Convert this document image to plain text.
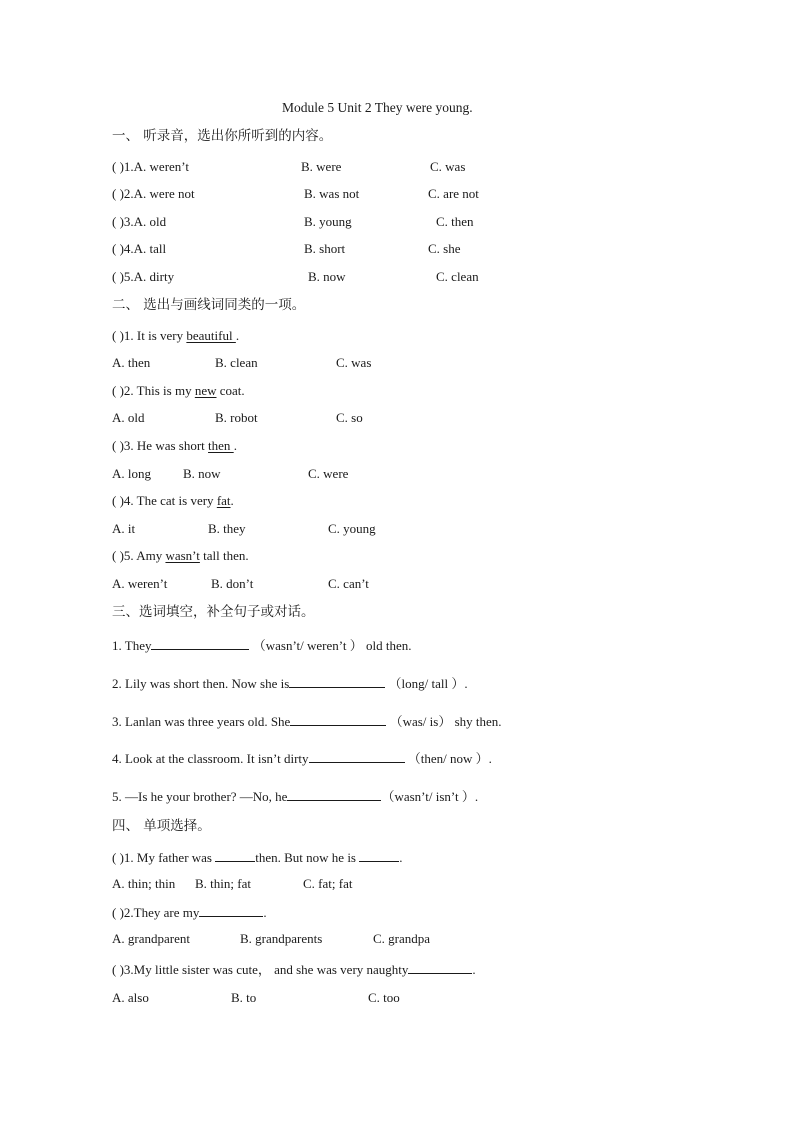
Module 5 Unit 2 They were young.
一、 听录音，选出你所听到的内容。
( )1.A. weren’t	B. were	C. was
( )2.A. were not	B. was not	C. are not
( )3.A. old	B. young	C. then
( )4.A. tall	B. short	C. she
( )5.A. dirty	B. now	C. clean
二、 选出与画线词同类的一项。
( )1. It is very beautiful .
A. then	B. clean	C. was
( )2. This is my new coat.
A. old	B. robot	C. so
( )3. He was short then .
A. long B. now	C. were
( )4. The cat is very fat.
A. it	B. they	C. young
( )5. Amy wasn’t tall then.
A. weren’t	B. don’t	C. can’t
三、选词填空，补全句子或对话。
1. They	（wasn’t/ weren’t ） old then.
2. Lily was short then. Now she is	（long/ tall ）.
3. Lanlan was three years old. She	（was/ is） shy then.
4. Look at the classroom. It isn’t dirty	（then/ now ）.
5. —Is he your brother? —No, he	（wasn’t/ isn’t ）.
四、 单项选择。
( )1. My father was	then. But now he is	.
A. thin; thin B. thin; fat	C. fat; fat
( )2.They are my	.
A. grandparent	B. grandparents	C. grandpa
( )3.My little sister was cute， and she was very naughty	.
A. also	B. to	C. too
